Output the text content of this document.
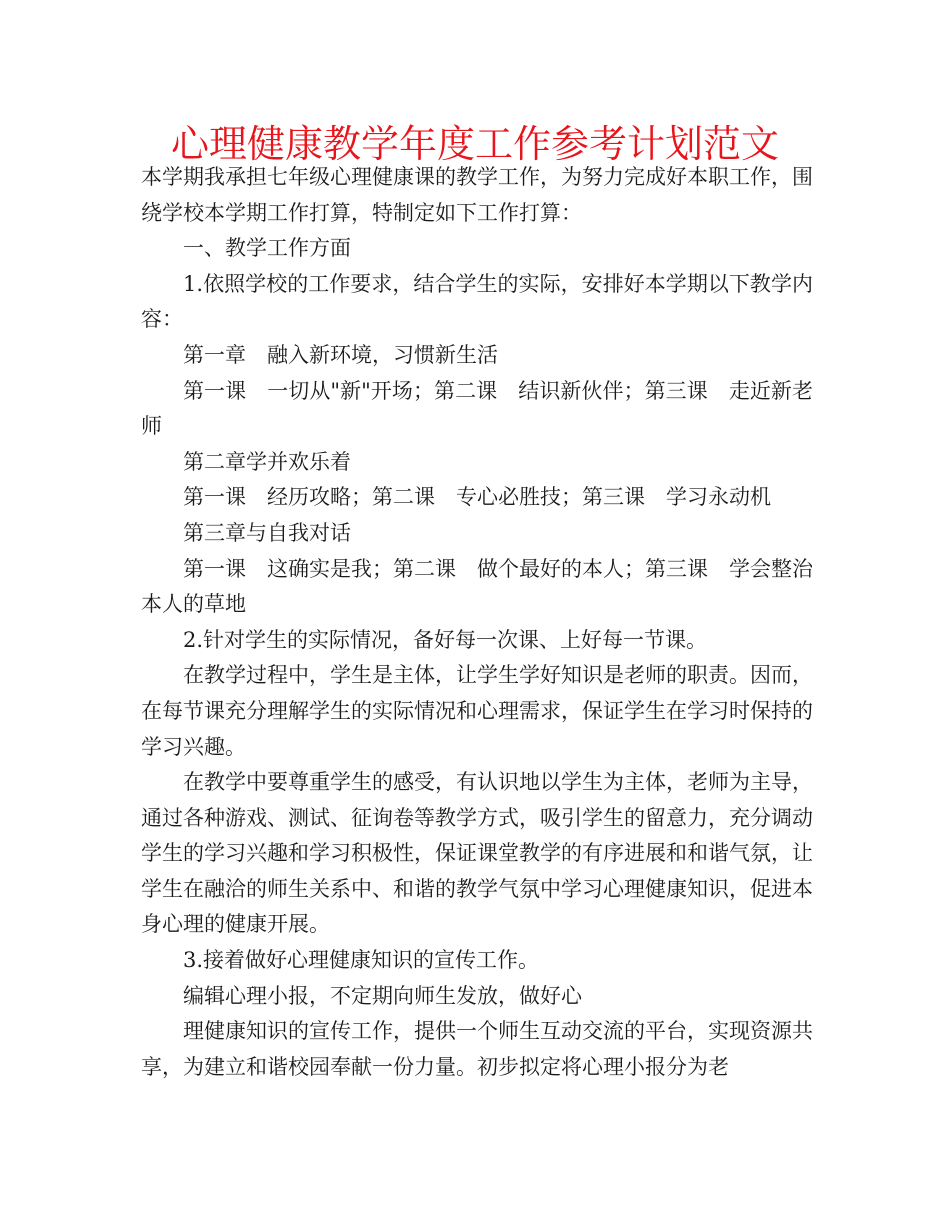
心理健康教学年度工作参考计划范文

本学期我承担七年级心理健康课的教学工作，为努力完成好本职工作，围绕学校本学期工作打算，特制定如下工作打算：

一、教学工作方面

1.依照学校的工作要求，结合学生的实际，安排好本学期以下教学内容：

第一章　融入新环境，习惯新生活

第一课　一切从"新"开场；第二课　结识新伙伴；第三课　走近新老师

第二章学并欢乐着

第一课　经历攻略；第二课　专心必胜技；第三课　学习永动机

第三章与自我对话

第一课　这确实是我；第二课　做个最好的本人；第三课　学会整治本人的草地

2.针对学生的实际情况，备好每一次课、上好每一节课。

在教学过程中，学生是主体，让学生学好知识是老师的职责。因而，在每节课充分理解学生的实际情况和心理需求，保证学生在学习时保持的学习兴趣。

在教学中要尊重学生的感受，有认识地以学生为主体，老师为主导，通过各种游戏、测试、征询卷等教学方式，吸引学生的留意力，充分调动学生的学习兴趣和学习积极性，保证课堂教学的有序进展和和谐气氛，让学生在融洽的师生关系中、和谐的教学气氛中学习心理健康知识，促进本身心理的健康开展。

3.接着做好心理健康知识的宣传工作。

编辑心理小报，不定期向师生发放，做好心

理健康知识的宣传工作，提供一个师生互动交流的平台，实现资源共享，为建立和谐校园奉献一份力量。初步拟定将心理小报分为老
